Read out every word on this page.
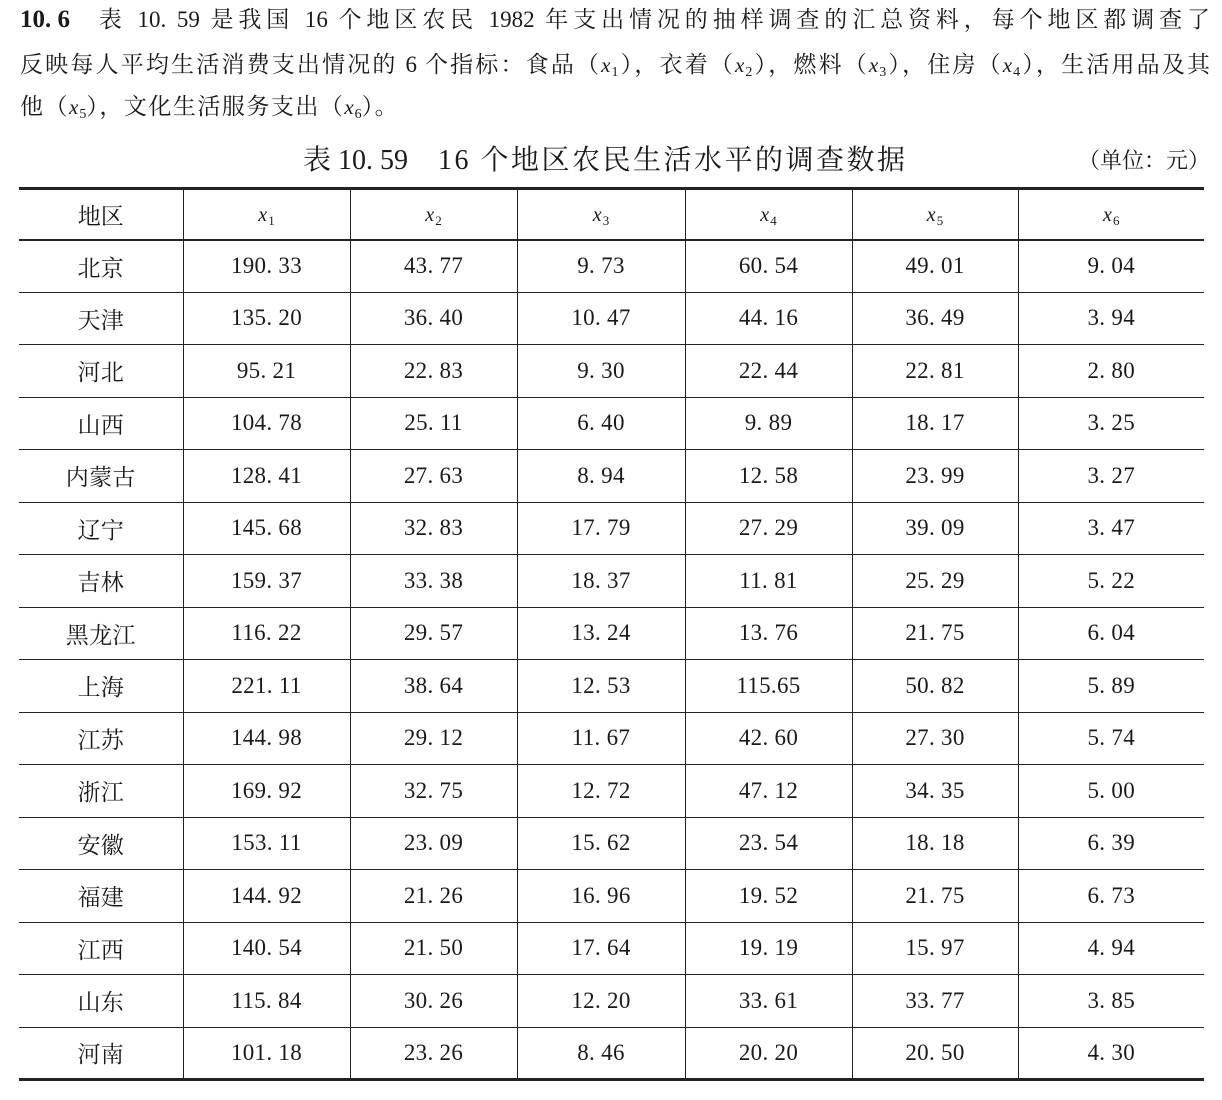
10. 6 表 10. 59 是我国 16 个地区农民 1982 年支出情况的抽样调查的汇总资料，每个地区都调查了
反映每人平均生活消费支出情况的 6 个指标：食品$(x_1)$，衣着$(x_2)$，燃料$(x_3)$，住房$(x_4)$，生活用品及其
他$(x_5)$，文化生活服务支出$(x_6)$。
表 10. 59 16 个地区农民生活水平的调查数据	（单位：元）
地区	$x_1$	$x_2$	$x_3$	$x_4$	$x_5$	$x_6$
北京	190. 33	43. 77	9. 73	60. 54	49. 01	9. 04
天津	135. 20	36. 40	10. 47	44. 16	36. 49	3. 94
河北	95. 21	22. 83	9. 30	22. 44	22. 81	2. 80
山西	104. 78	25. 11	6. 40	9. 89	18. 17	3. 25
内蒙古	128. 41	27. 63	8. 94	12. 58	23. 99	3. 27
辽宁	145. 68	32. 83	17. 79	27. 29	39. 09	3. 47
吉林	159. 37	33. 38	18. 37	11. 81	25. 29	5. 22
黑龙江	116. 22	29. 57	13. 24	13. 76	21. 75	6. 04
上海	221. 11	38. 64	12. 53	115.65	50. 82	5. 89
江苏	144. 98	29. 12	11. 67	42. 60	27. 30	5. 74
浙江	169. 92	32. 75	12. 72	47. 12	34. 35	5. 00
安徽	153. 11	23. 09	15. 62	23. 54	18. 18	6. 39
福建	144. 92	21. 26	16. 96	19. 52	21. 75	6. 73
江西	140. 54	21. 50	17. 64	19. 19	15. 97	4. 94
山东	115. 84	30. 26	12. 20	33. 61	33. 77	3. 85
河南	101. 18	23. 26	8. 46	20. 20	20. 50	4. 30
